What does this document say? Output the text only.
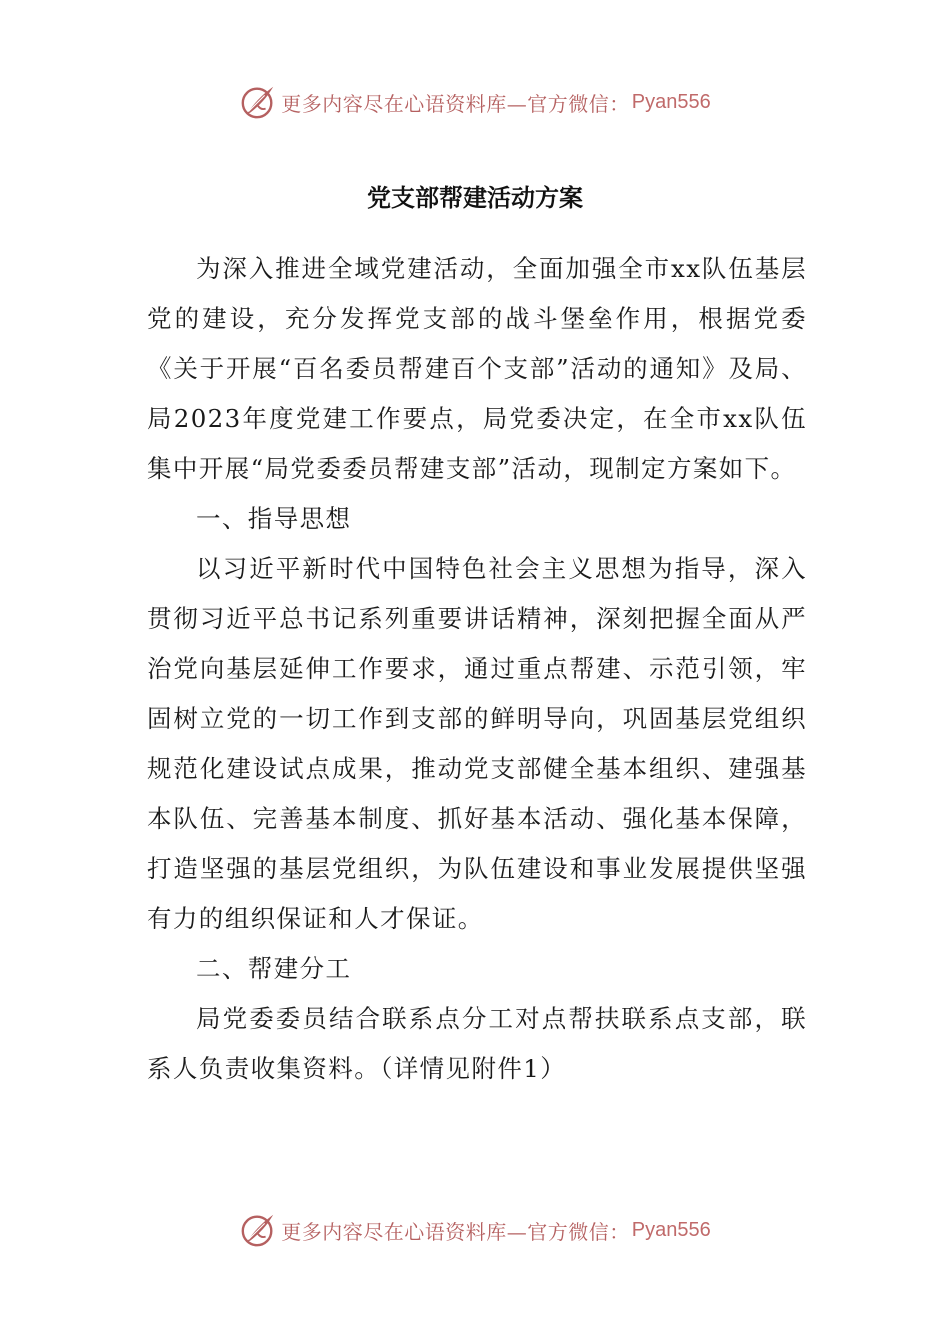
更多内容尽在心语资料库—官方微信： Pyan556
党支部帮建活动方案

为深入推进全域党建活动，全面加强全市xx队伍基层党的建设，充分发挥党支部的战斗堡垒作用，根据党委《关于开展“百名委员帮建百个支部”活动的通知》及局、局2023年度党建工作要点，局党委决定，在全市xx队伍集中开展“局党委委员帮建支部”活动，现制定方案如下。

一、指导思想

以习近平新时代中国特色社会主义思想为指导，深入贯彻习近平总书记系列重要讲话精神，深刻把握全面从严治党向基层延伸工作要求，通过重点帮建、示范引领，牢固树立党的一切工作到支部的鲜明导向，巩固基层党组织规范化建设试点成果，推动党支部健全基本组织、建强基本队伍、完善基本制度、抓好基本活动、强化基本保障，打造坚强的基层党组织，为队伍建设和事业发展提供坚强有力的组织保证和人才保证。

二、帮建分工

局党委委员结合联系点分工对点帮扶联系点支部，联系人负责收集资料。（详情见附件1）

更多内容尽在心语资料库—官方微信： Pyan556
